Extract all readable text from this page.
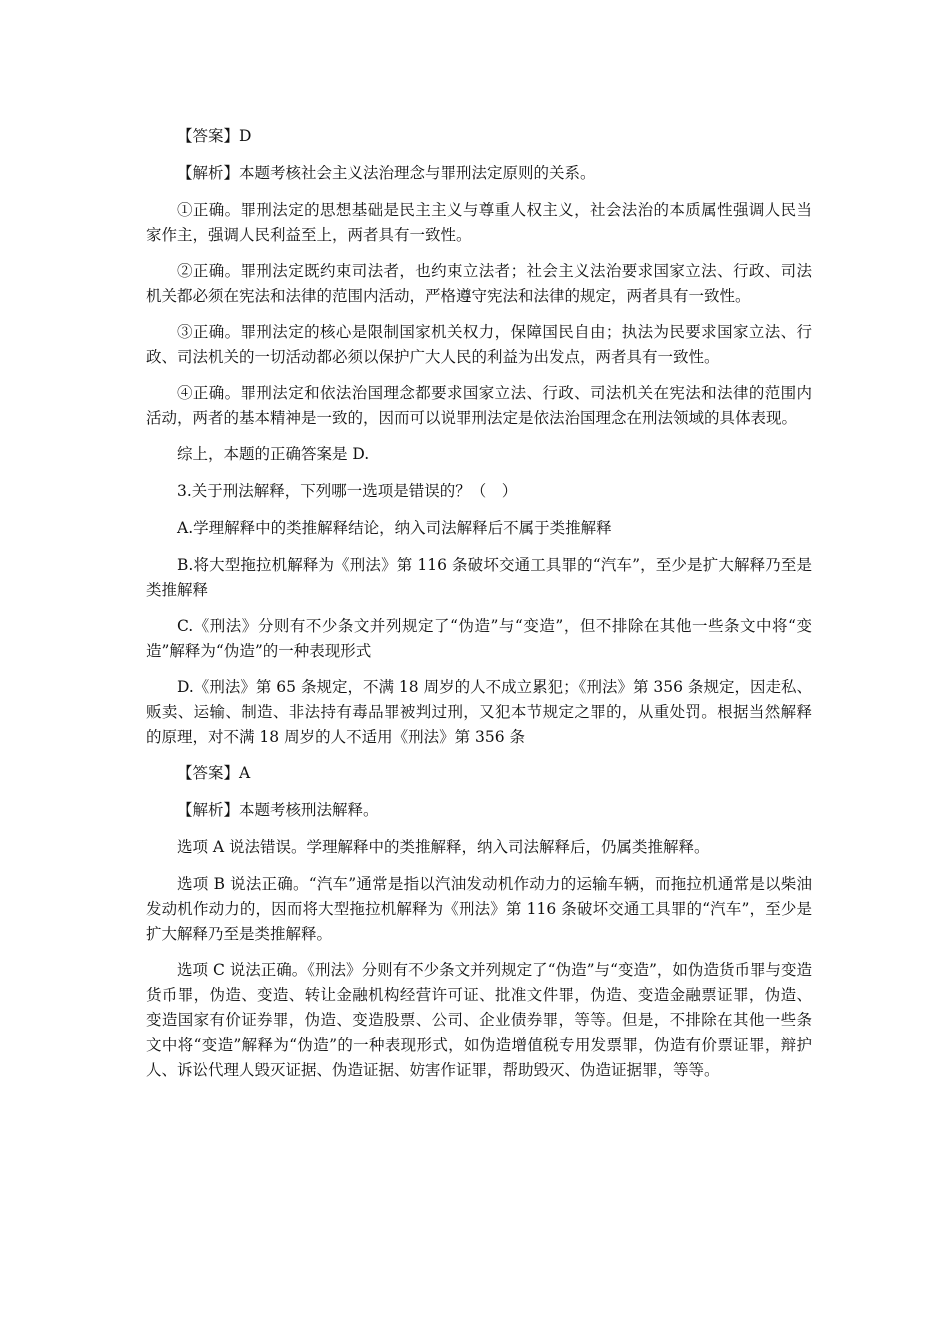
【答案】D

【解析】本题考核社会主义法治理念与罪刑法定原则的关系。

①正确。罪刑法定的思想基础是民主主义与尊重人权主义，社会法治的本质属性强调人民当家作主，强调人民利益至上，两者具有一致性。

②正确。罪刑法定既约束司法者，也约束立法者；社会主义法治要求国家立法、行政、司法机关都必须在宪法和法律的范围内活动，严格遵守宪法和法律的规定，两者具有一致性。

③正确。罪刑法定的核心是限制国家机关权力，保障国民自由；执法为民要求国家立法、行政、司法机关的一切活动都必须以保护广大人民的利益为出发点，两者具有一致性。

④正确。罪刑法定和依法治国理念都要求国家立法、行政、司法机关在宪法和法律的范围内活动，两者的基本精神是一致的，因而可以说罪刑法定是依法治国理念在刑法领域的具体表现。

综上，本题的正确答案是 D.

3.关于刑法解释，下列哪一选项是错误的？（　）

A.学理解释中的类推解释结论，纳入司法解释后不属于类推解释

B.将大型拖拉机解释为《刑法》第 116 条破坏交通工具罪的“汽车”，至少是扩大解释乃至是类推解释

C.《刑法》分则有不少条文并列规定了“伪造”与“变造”，但不排除在其他一些条文中将“变造”解释为“伪造”的一种表现形式

D.《刑法》第 65 条规定，不满 18 周岁的人不成立累犯；《刑法》第 356 条规定，因走私、贩卖、运输、制造、非法持有毒品罪被判过刑，又犯本节规定之罪的，从重处罚。根据当然解释的原理，对不满 18 周岁的人不适用《刑法》第 356 条

【答案】A

【解析】本题考核刑法解释。

选项 A 说法错误。学理解释中的类推解释，纳入司法解释后，仍属类推解释。

选项 B 说法正确。“汽车”通常是指以汽油发动机作动力的运输车辆，而拖拉机通常是以柴油发动机作动力的，因而将大型拖拉机解释为《刑法》第 116 条破坏交通工具罪的“汽车”，至少是扩大解释乃至是类推解释。

选项 C 说法正确。《刑法》分则有不少条文并列规定了“伪造”与“变造”，如伪造货币罪与变造货币罪，伪造、变造、转让金融机构经营许可证、批准文件罪，伪造、变造金融票证罪，伪造、变造国家有价证券罪，伪造、变造股票、公司、企业债券罪，等等。但是，不排除在其他一些条文中将“变造”解释为“伪造”的一种表现形式，如伪造增值税专用发票罪，伪造有价票证罪，辩护人、诉讼代理人毁灭证据、伪造证据、妨害作证罪，帮助毁灭、伪造证据罪，等等。
